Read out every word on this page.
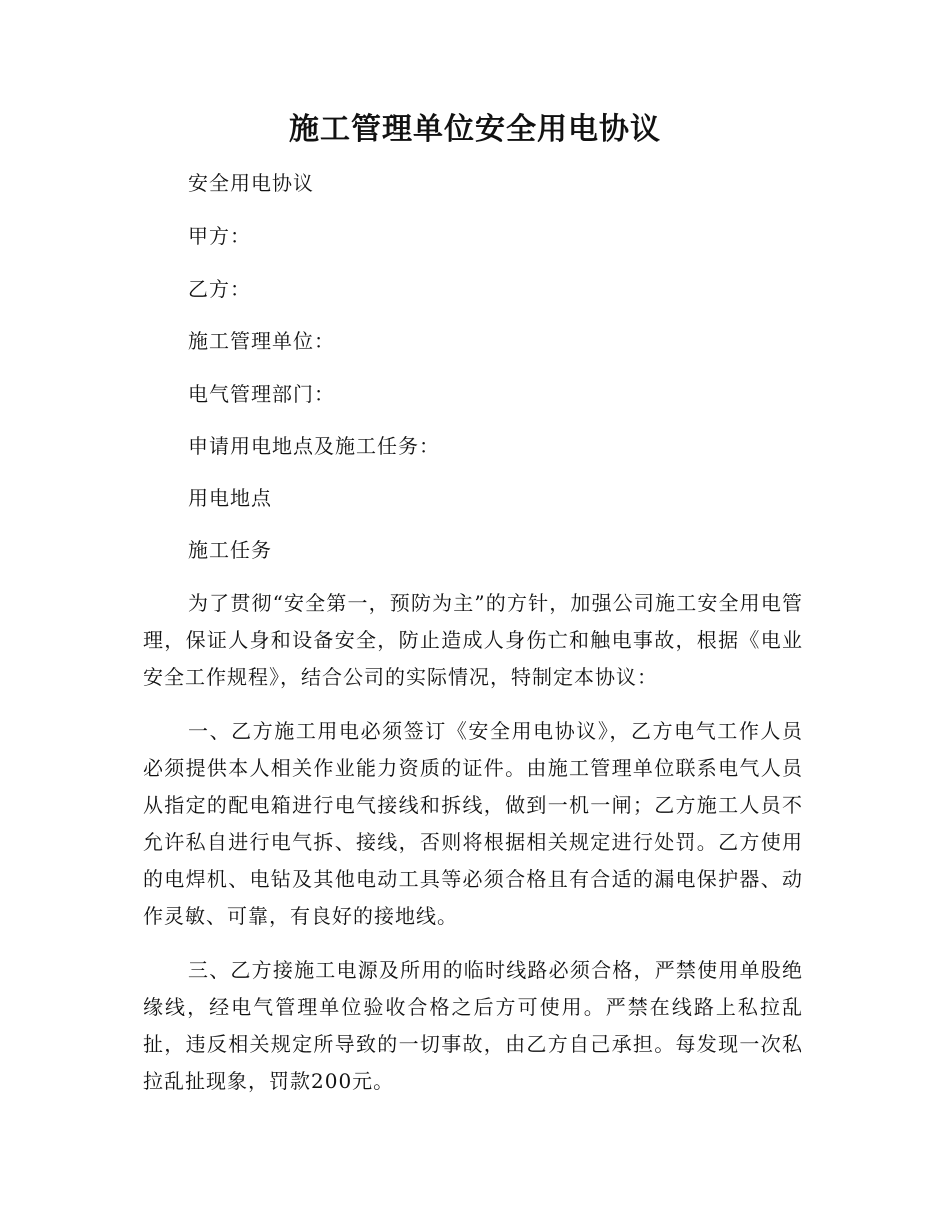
施工管理单位安全用电协议

安全用电协议

甲方：

乙方：

施工管理单位：

电气管理部门：

申请用电地点及施工任务：

用电地点

施工任务

为了贯彻“安全第一，预防为主”的方针，加强公司施工安全用电管理，保证人身和设备安全，防止造成人身伤亡和触电事故，根据《电业安全工作规程》，结合公司的实际情况，特制定本协议：

一、乙方施工用电必须签订《安全用电协议》，乙方电气工作人员必须提供本人相关作业能力资质的证件。由施工管理单位联系电气人员从指定的配电箱进行电气接线和拆线，做到一机一闸；乙方施工人员不允许私自进行电气拆、接线，否则将根据相关规定进行处罚。乙方使用的电焊机、电钻及其他电动工具等必须合格且有合适的漏电保护器、动作灵敏、可靠，有良好的接地线。

三、乙方接施工电源及所用的临时线路必须合格，严禁使用单股绝缘线，经电气管理单位验收合格之后方可使用。严禁在线路上私拉乱扯，违反相关规定所导致的一切事故，由乙方自己承担。每发现一次私拉乱扯现象，罚款200元。
